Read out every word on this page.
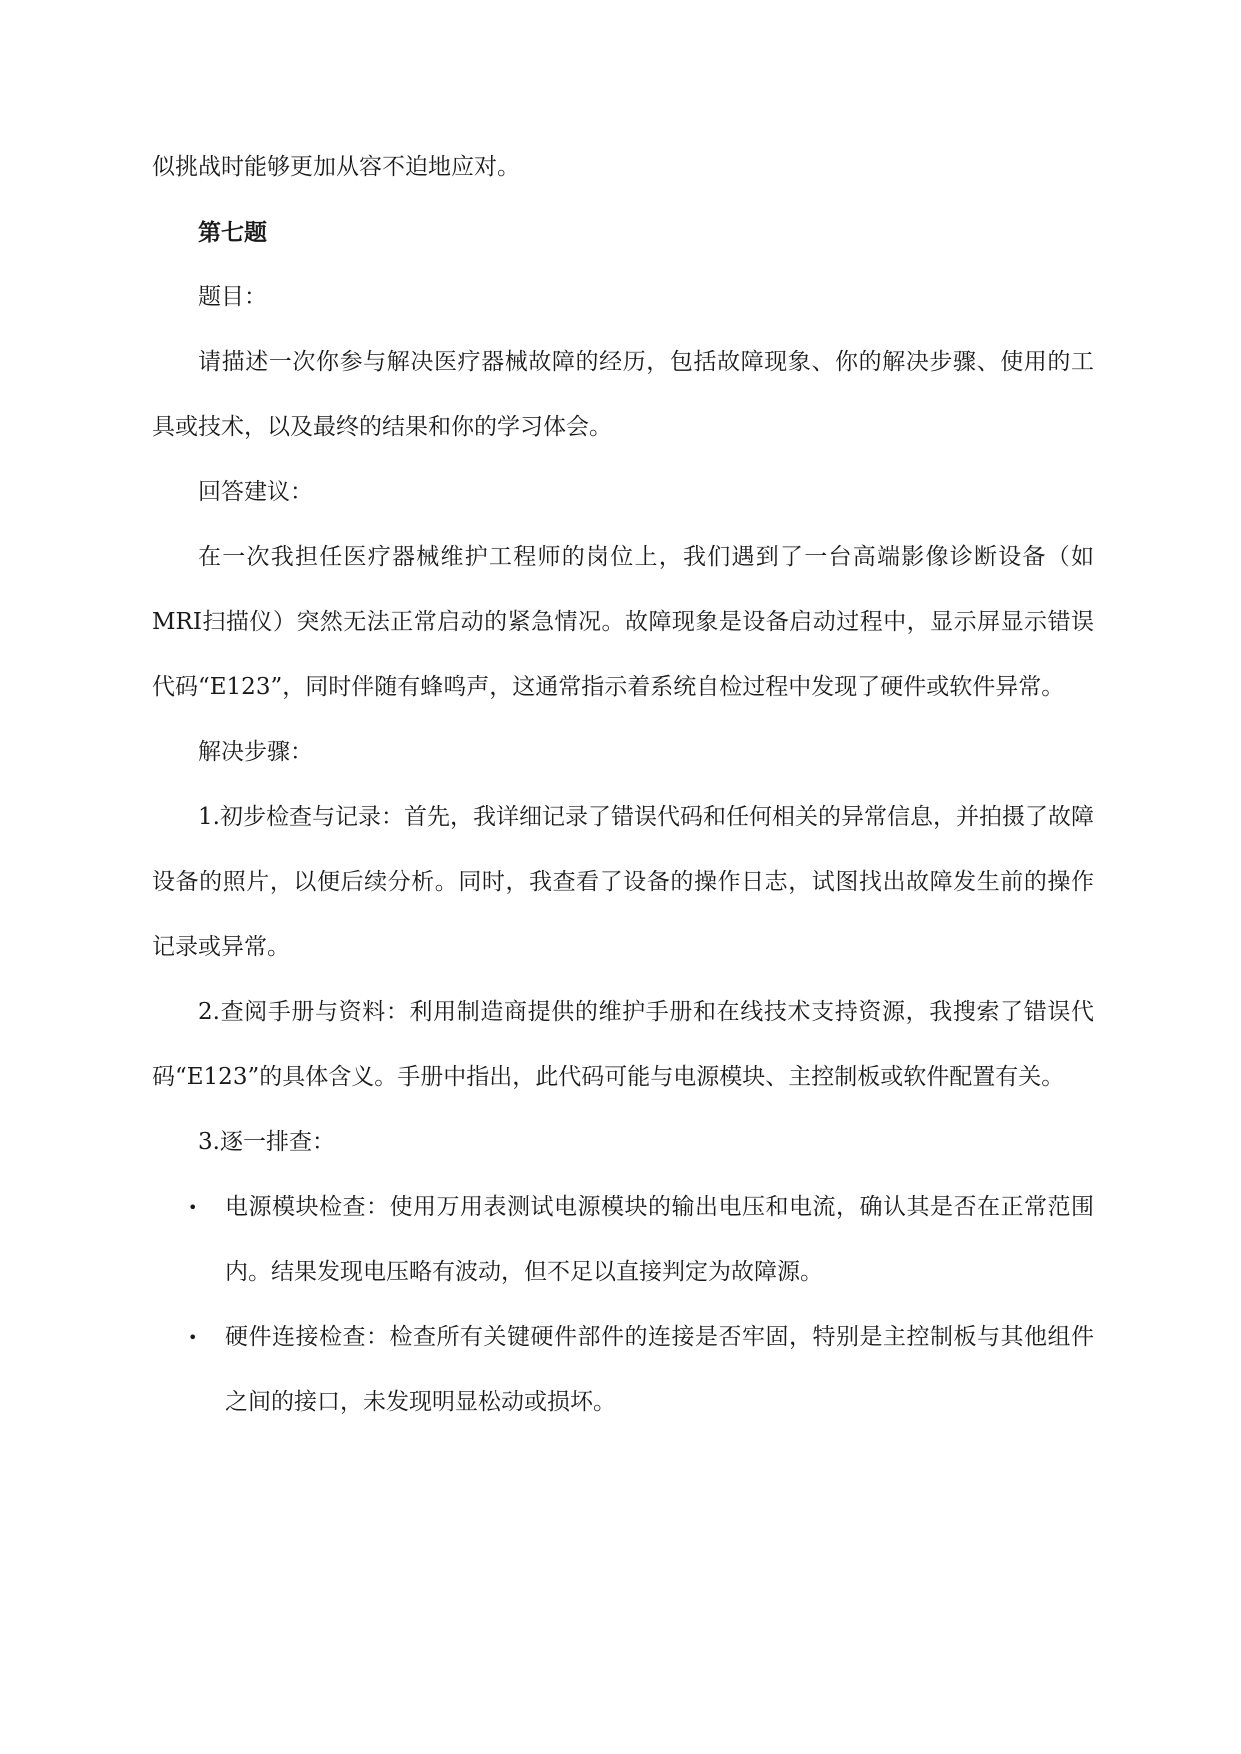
似挑战时能够更加从容不迫地应对。

第七题

题目：

请描述一次你参与解决医疗器械故障的经历，包括故障现象、你的解决步骤、使用的工具或技术，以及最终的结果和你的学习体会。

回答建议：

在一次我担任医疗器械维护工程师的岗位上，我们遇到了一台高端影像诊断设备（如MRI扫描仪）突然无法正常启动的紧急情况。故障现象是设备启动过程中，显示屏显示错误代码“E123”，同时伴随有蜂鸣声，这通常指示着系统自检过程中发现了硬件或软件异常。

解决步骤：

1.初步检查与记录：首先，我详细记录了错误代码和任何相关的异常信息，并拍摄了故障设备的照片，以便后续分析。同时，我查看了设备的操作日志，试图找出故障发生前的操作记录或异常。

2.查阅手册与资料：利用制造商提供的维护手册和在线技术支持资源，我搜索了错误代码“E123”的具体含义。手册中指出，此代码可能与电源模块、主控制板或软件配置有关。

3.逐一排查：

• 电源模块检查：使用万用表测试电源模块的输出电压和电流，确认其是否在正常范围内。结果发现电压略有波动，但不足以直接判定为故障源。
• 硬件连接检查：检查所有关键硬件部件的连接是否牢固，特别是主控制板与其他组件之间的接口，未发现明显松动或损坏。
